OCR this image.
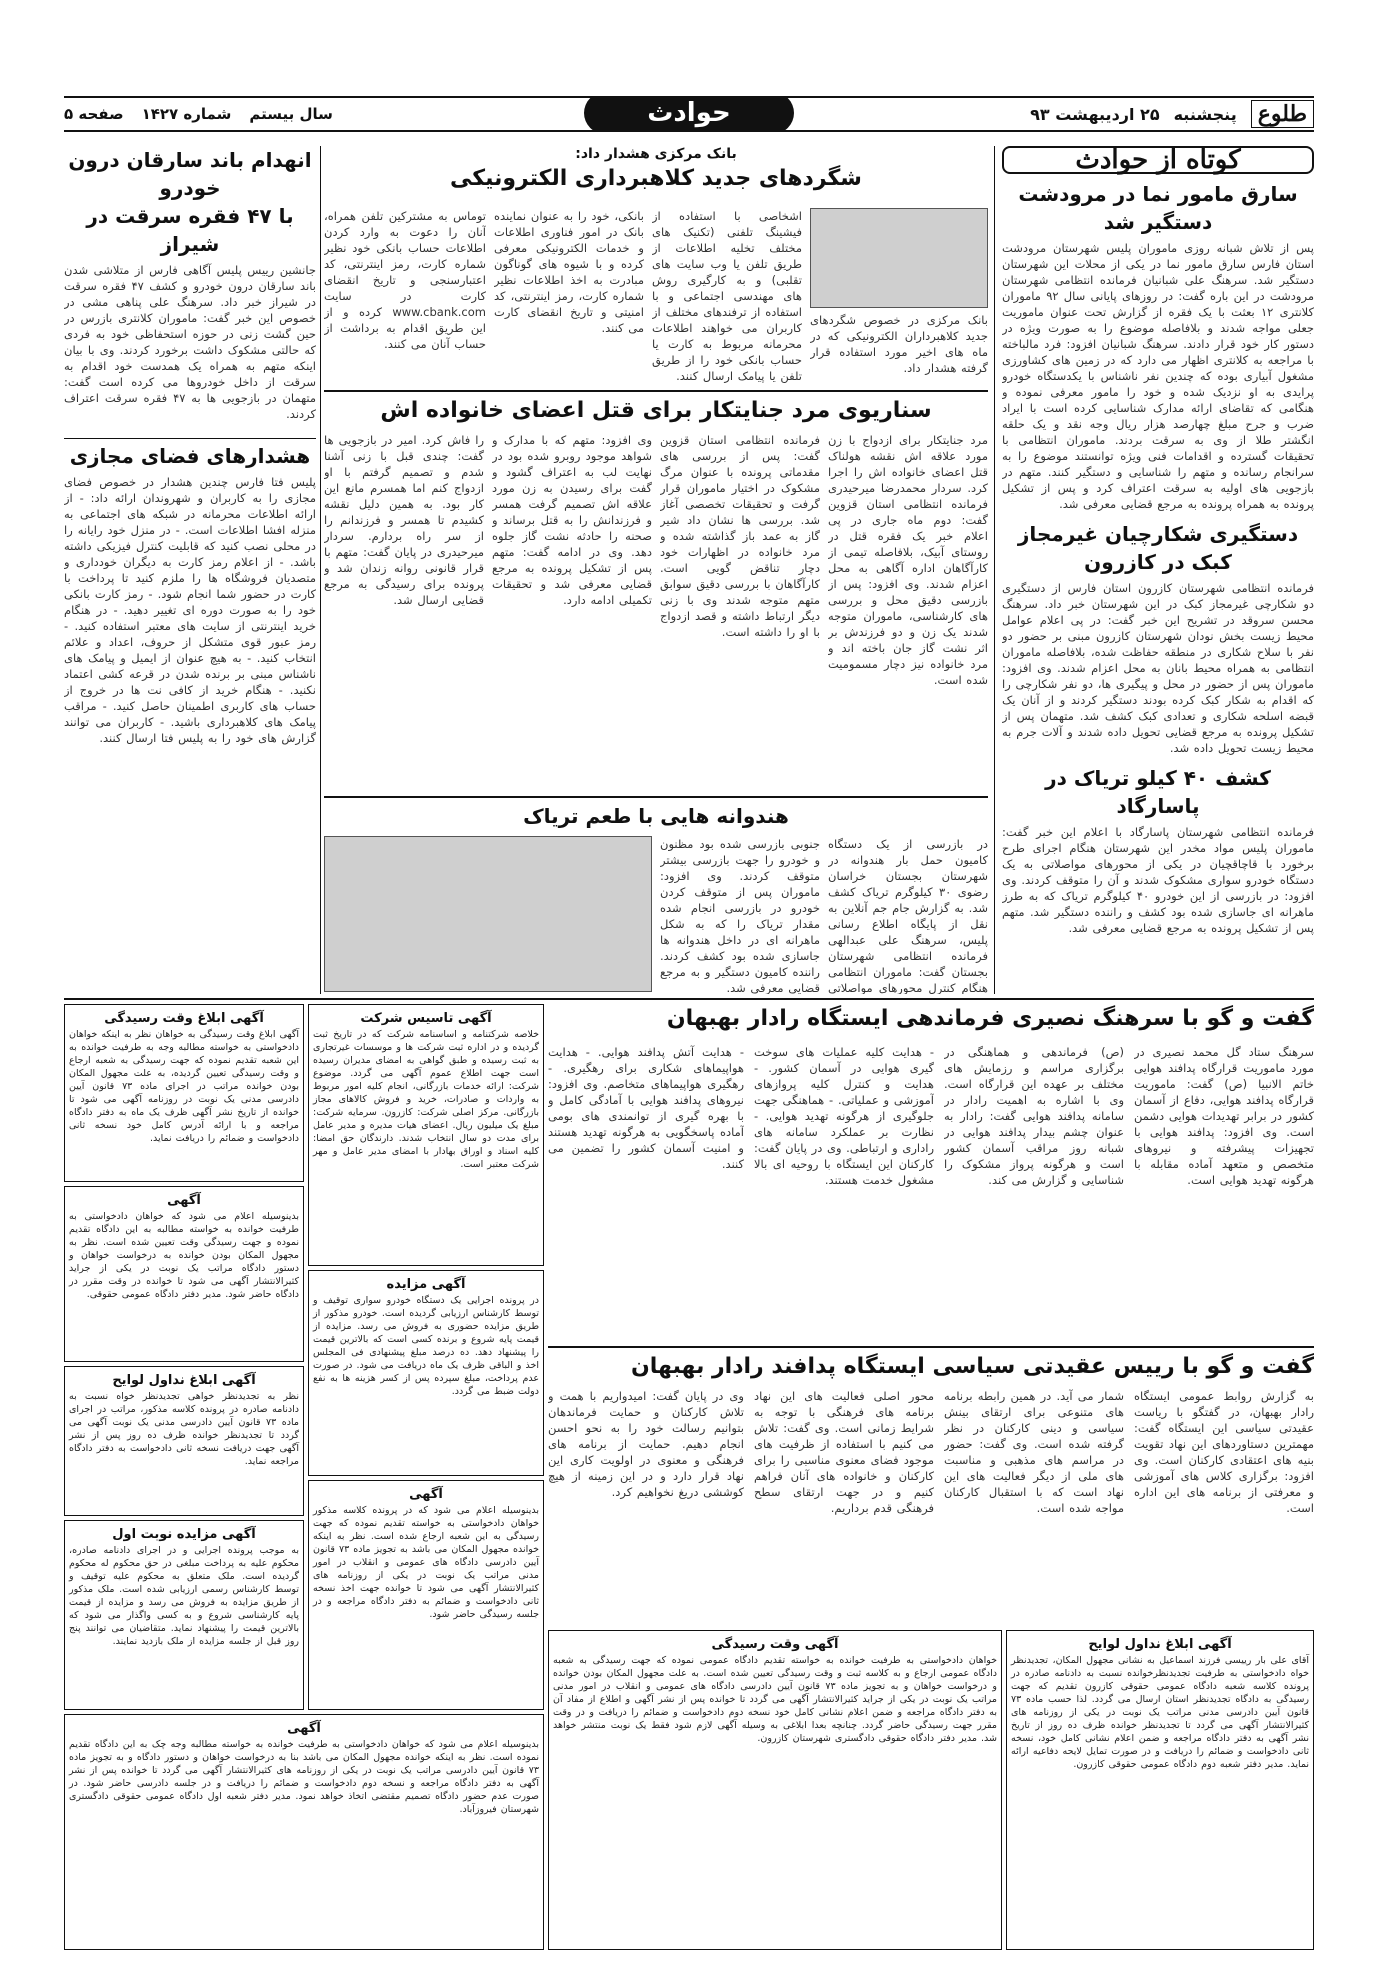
طلوع
پنجشنبه
۲۵ اردیبهشت ۹۳
حوادث
سال بیستم
شماره ۱۴۲۷
صفحه ۵
کوتاه از حوادث
سارق مامور نما در مرودشت دستگیر شد
پس از تلاش شبانه روزی ماموران پلیس شهرستان مرودشت استان فارس سارق مامور نما در یکی از محلات این شهرستان دستگیر شد. سرهنگ علی شبانیان فرمانده انتظامی شهرستان مرودشت در این باره گفت: در روزهای پایانی سال ۹۲ ماموران کلانتری ۱۲ بعثت با یک فقره از گزارش تحت عنوان ماموریت جعلی مواجه شدند و بلافاصله موضوع را به صورت ویژه در دستور کار خود قرار دادند. سرهنگ شبانیان افزود: فرد مالباخته با مراجعه به کلانتری اظهار می دارد که در زمین های کشاورزی مشغول آبیاری بوده که چندین نفر ناشناس با یکدستگاه خودرو پرایدی به او نزدیک شده و خود را مامور معرفی نموده و هنگامی که تقاضای ارائه مدارک شناسایی کرده است با ایراد ضرب و جرح مبلغ چهارصد هزار ریال وجه نقد و یک حلقه انگشتر طلا از وی به سرقت بردند. ماموران انتظامی با تحقیقات گسترده و اقدامات فنی ویژه توانستند موضوع را به سرانجام رسانده و متهم را شناسایی و دستگیر کنند. متهم در بازجویی های اولیه به سرقت اعتراف کرد و پس از تشکیل پرونده به همراه پرونده به مرجع قضایی معرفی شد.
دستگیری شکارچیان غیرمجاز کبک در کازرون
فرمانده انتظامی شهرستان کازرون استان فارس از دستگیری دو شکارچی غیرمجاز کبک در این شهرستان خبر داد. سرهنگ محسن سروقد در تشریح این خبر گفت: در پی اعلام عوامل محیط زیست بخش نودان شهرستان کازرون مبنی بر حضور دو نفر با سلاح شکاری در منطقه حفاظت شده، بلافاصله ماموران انتظامی به همراه محیط بانان به محل اعزام شدند. وی افزود: ماموران پس از حضور در محل و پیگیری ها، دو نفر شکارچی را که اقدام به شکار کبک کرده بودند دستگیر کردند و از آنان یک قبضه اسلحه شکاری و تعدادی کبک کشف شد. متهمان پس از تشکیل پرونده به مرجع قضایی تحویل داده شدند و آلات جرم به محیط زیست تحویل داده شد.
کشف ۴۰ کیلو تریاک در پاسارگاد
فرمانده انتظامی شهرستان پاسارگاد با اعلام این خبر گفت: ماموران پلیس مواد مخدر این شهرستان هنگام اجرای طرح برخورد با قاچاقچیان در یکی از محورهای مواصلاتی به یک دستگاه خودرو سواری مشکوک شدند و آن را متوقف کردند. وی افزود: در بازرسی از این خودرو ۴۰ کیلوگرم تریاک که به طرز ماهرانه ای جاسازی شده بود کشف و راننده دستگیر شد. متهم پس از تشکیل پرونده به مرجع قضایی معرفی شد.
بانک مرکزی هشدار داد:
شگردهای جدید کلاهبرداری الکترونیکی
بانک مرکزی در خصوص شگردهای جدید کلاهبرداران الکترونیکی که در ماه های اخیر مورد استفاده قرار گرفته هشدار داد.
اشخاصی با استفاده از فیشینگ تلفنی (تکنیک های مختلف تخلیه اطلاعات از طریق تلفن یا وب سایت های تقلبی) و به کارگیری روش های مهندسی اجتماعی و با استفاده از ترفندهای مختلف از کاربران می خواهند اطلاعات محرمانه مربوط به کارت یا حساب بانکی خود را از طریق تلفن یا پیامک ارسال کنند.
بانکی، خود را به عنوان نماینده بانک در امور فناوری اطلاعات و خدمات الکترونیکی معرفی کرده و با شیوه های گوناگون مبادرت به اخذ اطلاعات نظیر شماره کارت، رمز اینترنتی، کد امنیتی و تاریخ انقضای کارت می کنند.
توماس به مشترکین تلفن همراه، آنان را دعوت به وارد کردن اطلاعات حساب بانکی خود نظیر شماره کارت، رمز اینترنتی، کد اعتبارسنجی و تاریخ انقضای کارت در سایت www.cbank.com کرده و از این طریق اقدام به برداشت از حساب آنان می کنند.
انهدام باند سارقان درون خودرو
با ۴۷ فقره سرقت در شیراز
جانشین رییس پلیس آگاهی فارس از متلاشی شدن باند سارقان درون خودرو و کشف ۴۷ فقره سرقت در شیراز خبر داد. سرهنگ علی پناهی مشی در خصوص این خبر گفت: ماموران کلانتری بازرس در حین گشت زنی در حوزه استحفاظی خود به فردی که حالتی مشکوک داشت برخورد کردند. وی با بیان اینکه متهم به همراه یک همدست خود اقدام به سرقت از داخل خودروها می کرده است گفت: متهمان در بازجویی ها به ۴۷ فقره سرقت اعتراف کردند.
هشدارهای فضای مجازی
پلیس فتا فارس چندین هشدار در خصوص فضای مجازی را به کاربران و شهروندان ارائه داد: - از ارائه اطلاعات محرمانه در شبکه های اجتماعی به منزله افشا اطلاعات است. - در منزل خود رایانه را در محلی نصب کنید که قابلیت کنترل فیزیکی داشته باشد. - از اعلام رمز کارت به دیگران خودداری و متصدیان فروشگاه ها را ملزم کنید تا پرداخت با کارت در حضور شما انجام شود. - رمز کارت بانکی خود را به صورت دوره ای تغییر دهید. - در هنگام خرید اینترنتی از سایت های معتبر استفاده کنید. - رمز عبور قوی متشکل از حروف، اعداد و علائم انتخاب کنید. - به هیچ عنوان از ایمیل و پیامک های ناشناس مبنی بر برنده شدن در قرعه کشی اعتماد نکنید. - هنگام خرید از کافی نت ها در خروج از حساب های کاربری اطمینان حاصل کنید. - مراقب پیامک های کلاهبرداری باشید. - کاربران می توانند گزارش های خود را به پلیس فتا ارسال کنند.
سناریوی مرد جنایتکار برای قتل اعضای خانواده اش
مرد جنایتکار برای ازدواج با زن مورد علاقه اش نقشه هولناک قتل اعضای خانواده اش را اجرا کرد. سردار محمدرضا میرحیدری فرمانده انتظامی استان قزوین گفت: دوم ماه جاری در پی اعلام خبر یک فقره قتل در روستای آبیک، بلافاصله تیمی از کارآگاهان اداره آگاهی به محل اعزام شدند. وی افزود: پس از بازرسی دقیق محل و بررسی های کارشناسی، ماموران متوجه شدند یک زن و دو فرزندش بر اثر نشت گاز جان باخته اند و مرد خانواده نیز دچار مسمومیت شده است.
فرمانده انتظامی استان قزوین گفت: پس از بررسی های مقدماتی پرونده با عنوان مرگ مشکوک در اختیار ماموران قرار گرفت و تحقیقات تخصصی آغاز شد. بررسی ها نشان داد شیر گاز به عمد باز گذاشته شده و مرد خانواده در اظهارات خود دچار تناقض گویی است. کارآگاهان با بررسی دقیق سوابق متهم متوجه شدند وی با زنی دیگر ارتباط داشته و قصد ازدواج با او را داشته است.
وی افزود: متهم که با مدارک و شواهد موجود روبرو شده بود در نهایت لب به اعتراف گشود و گفت برای رسیدن به زن مورد علاقه اش تصمیم گرفت همسر و فرزندانش را به قتل برساند و صحنه را حادثه نشت گاز جلوه دهد. وی در ادامه گفت: متهم پس از تشکیل پرونده به مرجع قضایی معرفی شد و تحقیقات تکمیلی ادامه دارد.
را فاش کرد. امیر در بازجویی ها گفت: چندی قبل با زنی آشنا شدم و تصمیم گرفتم با او ازدواج کنم اما همسرم مانع این کار بود. به همین دلیل نقشه کشیدم تا همسر و فرزندانم را از سر راه بردارم. سردار میرحیدری در پایان گفت: متهم با قرار قانونی روانه زندان شد و پرونده برای رسیدگی به مرجع قضایی ارسال شد.
هندوانه هایی با طعم تریاک
در بازرسی از یک دستگاه کامیون حمل بار هندوانه در شهرستان بجستان خراسان رضوی ۳۰ کیلوگرم تریاک کشف شد. به گزارش جام جم آنلاین به نقل از پایگاه اطلاع رسانی پلیس، سرهنگ علی عبدالهی فرمانده انتظامی شهرستان بجستان گفت: ماموران انتظامی هنگام کنترل محورهای مواصلاتی
جنوبی بازرسی شده بود مظنون و خودرو را جهت بازرسی بیشتر متوقف کردند. وی افزود: ماموران پس از متوقف کردن خودرو در بازرسی انجام شده مقدار تریاک را که به شکل ماهرانه ای در داخل هندوانه ها جاسازی شده بود کشف کردند. راننده کامیون دستگیر و به مرجع قضایی معرفی شد.
گفت و گو با سرهنگ نصیری فرماندهی ایستگاه رادار بهبهان
سرهنگ ستاد گل محمد نصیری در مورد ماموریت قرارگاه پدافند هوایی خاتم الانبیا (ص) گفت: ماموریت قرارگاه پدافند هوایی، دفاع از آسمان کشور در برابر تهدیدات هوایی دشمن است. وی افزود: پدافند هوایی با تجهیزات پیشرفته و نیروهای متخصص و متعهد آماده مقابله با هرگونه تهدید هوایی است.
(ص) فرماندهی و هماهنگی در برگزاری مراسم و رزمایش های مختلف بر عهده این قرارگاه است. وی با اشاره به اهمیت رادار در سامانه پدافند هوایی گفت: رادار به عنوان چشم بیدار پدافند هوایی در شبانه روز مراقب آسمان کشور است و هرگونه پرواز مشکوک را شناسایی و گزارش می کند.
- هدایت کلیه عملیات های سوخت گیری هوایی در آسمان کشور. - هدایت و کنترل کلیه پروازهای آموزشی و عملیاتی. - هماهنگی جهت جلوگیری از هرگونه تهدید هوایی. - نظارت بر عملکرد سامانه های راداری و ارتباطی. وی در پایان گفت: کارکنان این ایستگاه با روحیه ای بالا مشغول خدمت هستند.
- هدایت آتش پدافند هوایی. - هدایت هواپیماهای شکاری برای رهگیری. - رهگیری هواپیماهای متخاصم. وی افزود: نیروهای پدافند هوایی با آمادگی کامل و با بهره گیری از توانمندی های بومی آماده پاسخگویی به هرگونه تهدید هستند و امنیت آسمان کشور را تضمین می کنند.
گفت و گو با رییس عقیدتی سیاسی ایستگاه پدافند رادار بهبهان
به گزارش روابط عمومی ایستگاه رادار بهبهان، در گفتگو با ریاست عقیدتی سیاسی این ایستگاه گفت: مهمترین دستاوردهای این نهاد تقویت بنیه های اعتقادی کارکنان است. وی افزود: برگزاری کلاس های آموزشی و معرفتی از برنامه های این اداره است.
شمار می آید. در همین رابطه برنامه های متنوعی برای ارتقای بینش سیاسی و دینی کارکنان در نظر گرفته شده است. وی گفت: حضور در مراسم های مذهبی و مناسبت های ملی از دیگر فعالیت های این نهاد است که با استقبال کارکنان مواجه شده است.
محور اصلی فعالیت های این نهاد برنامه های فرهنگی با توجه به شرایط زمانی است. وی گفت: تلاش می کنیم با استفاده از ظرفیت های موجود فضای معنوی مناسبی را برای کارکنان و خانواده های آنان فراهم کنیم و در جهت ارتقای سطح فرهنگی قدم برداریم.
وی در پایان گفت: امیدواریم با همت و تلاش کارکنان و حمایت فرماندهان بتوانیم رسالت خود را به نحو احسن انجام دهیم. حمایت از برنامه های فرهنگی و معنوی در اولویت کاری این نهاد قرار دارد و در این زمینه از هیچ کوششی دریغ نخواهیم کرد.
آگهی ابلاغ وقت رسیدگی
آگهی ابلاغ وقت رسیدگی به خواهان نظر به اینکه خواهان دادخواستی به خواسته مطالبه وجه به طرفیت خوانده به این شعبه تقدیم نموده که جهت رسیدگی به شعبه ارجاع و وقت رسیدگی تعیین گردیده، به علت مجهول المکان بودن خوانده مراتب در اجرای ماده ۷۳ قانون آیین دادرسی مدنی یک نوبت در روزنامه آگهی می شود تا خوانده از تاریخ نشر آگهی ظرف یک ماه به دفتر دادگاه مراجعه و با ارائه آدرس کامل خود نسخه ثانی دادخواست و ضمائم را دریافت نماید.
آگهی تاسیس شرکت
خلاصه شرکتنامه و اساسنامه شرکت که در تاریخ ثبت گردیده و در اداره ثبت شرکت ها و موسسات غیرتجاری به ثبت رسیده و طبق گواهی به امضای مدیران رسیده است جهت اطلاع عموم آگهی می گردد. موضوع شرکت: ارائه خدمات بازرگانی، انجام کلیه امور مربوط به واردات و صادرات، خرید و فروش کالاهای مجاز بازرگانی. مرکز اصلی شرکت: کازرون. سرمایه شرکت: مبلغ یک میلیون ریال. اعضای هیات مدیره و مدیر عامل برای مدت دو سال انتخاب شدند. دارندگان حق امضا: کلیه اسناد و اوراق بهادار با امضای مدیر عامل و مهر شرکت معتبر است.
آگهی
بدینوسیله اعلام می شود که خواهان دادخواستی به طرفیت خوانده به خواسته مطالبه به این دادگاه تقدیم نموده و جهت رسیدگی وقت تعیین شده است. نظر به مجهول المکان بودن خوانده به درخواست خواهان و دستور دادگاه مراتب یک نوبت در یکی از جراید کثیرالانتشار آگهی می شود تا خوانده در وقت مقرر در دادگاه حاضر شود. مدیر دفتر دادگاه عمومی حقوقی.
آگهی ابلاغ نداول لوایح
نظر به تجدیدنظر خواهی تجدیدنظر خواه نسبت به دادنامه صادره در پرونده کلاسه مذکور، مراتب در اجرای ماده ۷۳ قانون آیین دادرسی مدنی یک نوبت آگهی می گردد تا تجدیدنظر خوانده ظرف ده روز پس از نشر آگهی جهت دریافت نسخه ثانی دادخواست به دفتر دادگاه مراجعه نماید.
آگهی مزایده نوبت اول
به موجب پرونده اجرایی و در اجرای دادنامه صادره، محکوم علیه به پرداخت مبلغی در حق محکوم له محکوم گردیده است. ملک متعلق به محکوم علیه توقیف و توسط کارشناس رسمی ارزیابی شده است. ملک مذکور از طریق مزایده به فروش می رسد و مزایده از قیمت پایه کارشناسی شروع و به کسی واگذار می شود که بالاترین قیمت را پیشنهاد نماید. متقاضیان می توانند پنج روز قبل از جلسه مزایده از ملک بازدید نمایند.
آگهی مزایده
در پرونده اجرایی یک دستگاه خودرو سواری توقیف و توسط کارشناس ارزیابی گردیده است. خودرو مذکور از طریق مزایده حضوری به فروش می رسد. مزایده از قیمت پایه شروع و برنده کسی است که بالاترین قیمت را پیشنهاد دهد. ده درصد مبلغ پیشنهادی فی المجلس اخذ و الباقی ظرف یک ماه دریافت می شود. در صورت عدم پرداخت، مبلغ سپرده پس از کسر هزینه ها به نفع دولت ضبط می گردد.
آگهی
بدینوسیله اعلام می شود که در پرونده کلاسه مذکور خواهان دادخواستی به خواسته تقدیم نموده که جهت رسیدگی به این شعبه ارجاع شده است. نظر به اینکه خوانده مجهول المکان می باشد به تجویز ماده ۷۳ قانون آیین دادرسی دادگاه های عمومی و انقلاب در امور مدنی مراتب یک نوبت در یکی از روزنامه های کثیرالانتشار آگهی می شود تا خوانده جهت اخذ نسخه ثانی دادخواست و ضمائم به دفتر دادگاه مراجعه و در جلسه رسیدگی حاضر شود.
آگهی وقت رسیدگی
خواهان دادخواستی به طرفیت خوانده به خواسته تقدیم دادگاه عمومی نموده که جهت رسیدگی به شعبه دادگاه عمومی ارجاع و به کلاسه ثبت و وقت رسیدگی تعیین شده است. به علت مجهول المکان بودن خوانده و درخواست خواهان و به تجویز ماده ۷۳ قانون آیین دادرسی دادگاه های عمومی و انقلاب در امور مدنی مراتب یک نوبت در یکی از جراید کثیرالانتشار آگهی می گردد تا خوانده پس از نشر آگهی و اطلاع از مفاد آن به دفتر دادگاه مراجعه و ضمن اعلام نشانی کامل خود نسخه دوم دادخواست و ضمائم را دریافت و در وقت مقرر جهت رسیدگی حاضر گردد. چنانچه بعدا ابلاغی به وسیله آگهی لازم شود فقط یک نوبت منتشر خواهد شد. مدیر دفتر دادگاه حقوقی دادگستری شهرستان کازرون.
آگهی ابلاغ نداول لوایح
آقای علی بار رییسی فرزند اسماعیل به نشانی مجهول المکان، تجدیدنظر خواه دادخواستی به طرفیت تجدیدنظرخوانده نسبت به دادنامه صادره در پرونده کلاسه شعبه دادگاه عمومی حقوقی کازرون تقدیم که جهت رسیدگی به دادگاه تجدیدنظر استان ارسال می گردد. لذا حسب ماده ۷۳ قانون آیین دادرسی مدنی مراتب یک نوبت در یکی از روزنامه های کثیرالانتشار آگهی می گردد تا تجدیدنظر خوانده ظرف ده روز از تاریخ نشر آگهی به دفتر دادگاه مراجعه و ضمن اعلام نشانی کامل خود، نسخه ثانی دادخواست و ضمائم را دریافت و در صورت تمایل لایحه دفاعیه ارائه نماید. مدیر دفتر شعبه دوم دادگاه عمومی حقوقی کازرون.
آگهی
بدینوسیله اعلام می شود که خواهان دادخواستی به طرفیت خوانده به خواسته مطالبه وجه چک به این دادگاه تقدیم نموده است. نظر به اینکه خوانده مجهول المکان می باشد بنا به درخواست خواهان و دستور دادگاه و به تجویز ماده ۷۳ قانون آیین دادرسی مراتب یک نوبت در یکی از روزنامه های کثیرالانتشار آگهی می گردد تا خوانده پس از نشر آگهی به دفتر دادگاه مراجعه و نسخه دوم دادخواست و ضمائم را دریافت و در جلسه دادرسی حاضر شود. در صورت عدم حضور دادگاه تصمیم مقتضی اتخاذ خواهد نمود. مدیر دفتر شعبه اول دادگاه عمومی حقوقی دادگستری شهرستان فیروزآباد.
